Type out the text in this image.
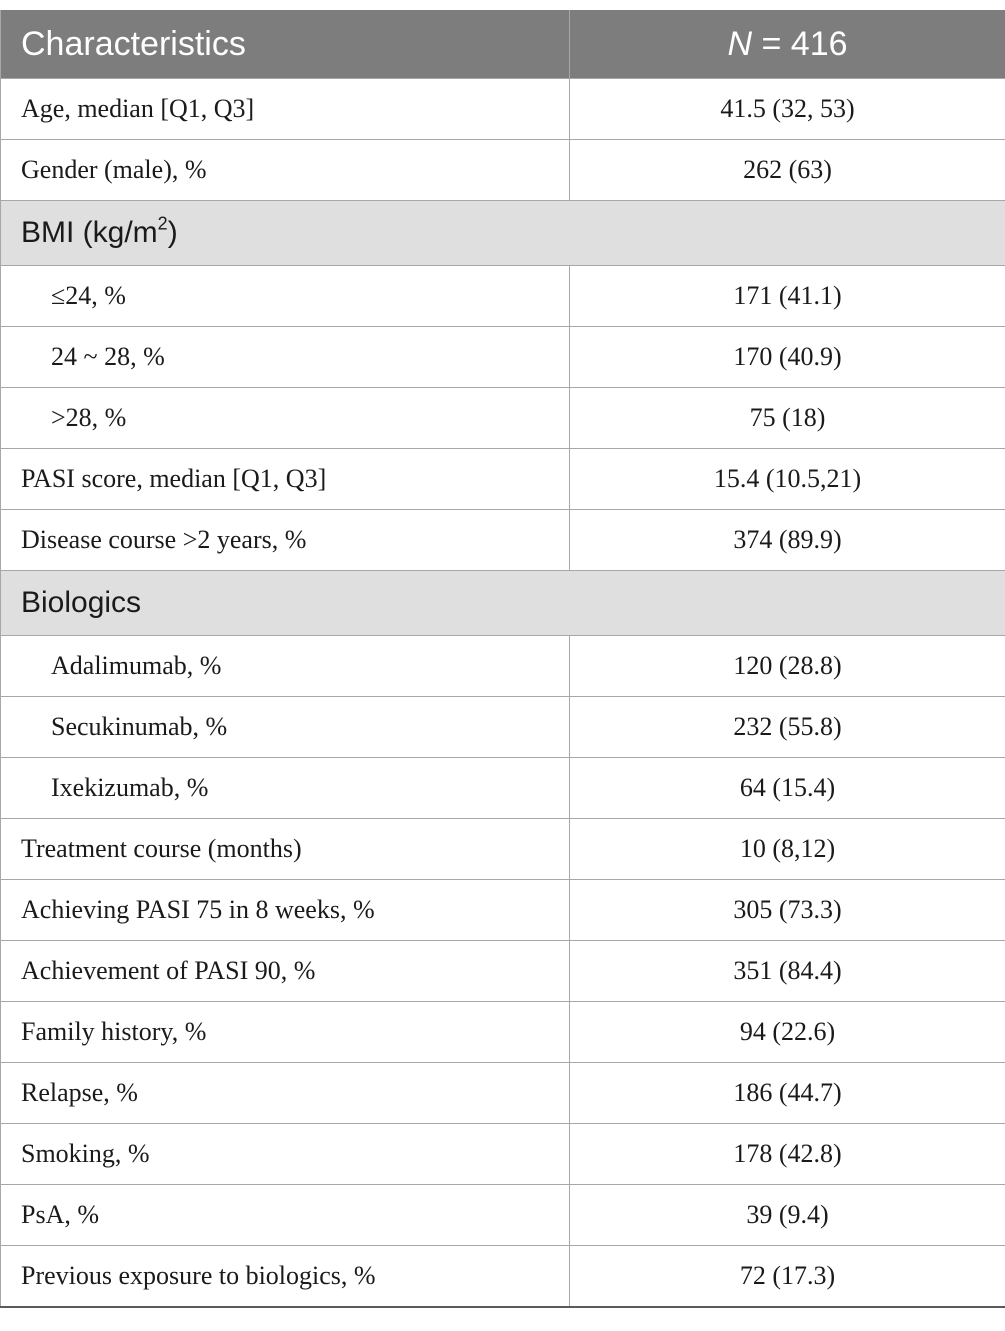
Characteristics	N = 416
Age, median [Q1, Q3]	41.5 (32, 53)
Gender (male), %	262 (63)
BMI $(kg/m^2)$	
≤24, %	171 (41.1)
24 ~ 28, %	170 (40.9)
>28, %	75 (18)
PASI score, median [Q1, Q3]	15.4 (10.5,21)
Disease course >2 years, %	374 (89.9)
Biologics	
Adalimumab, %	120 (28.8)
Secukinumab, %	232 (55.8)
Ixekizumab, %	64 (15.4)
Treatment course (months)	10 (8,12)
Achieving PASI 75 in 8 weeks, %	305 (73.3)
Achievement of PASI 90, %	351 (84.4)
Family history, %	94 (22.6)
Relapse, %	186 (44.7)
Smoking, %	178 (42.8)
PsA, %	39 (9.4)
Previous exposure to biologics, %	72 (17.3)
